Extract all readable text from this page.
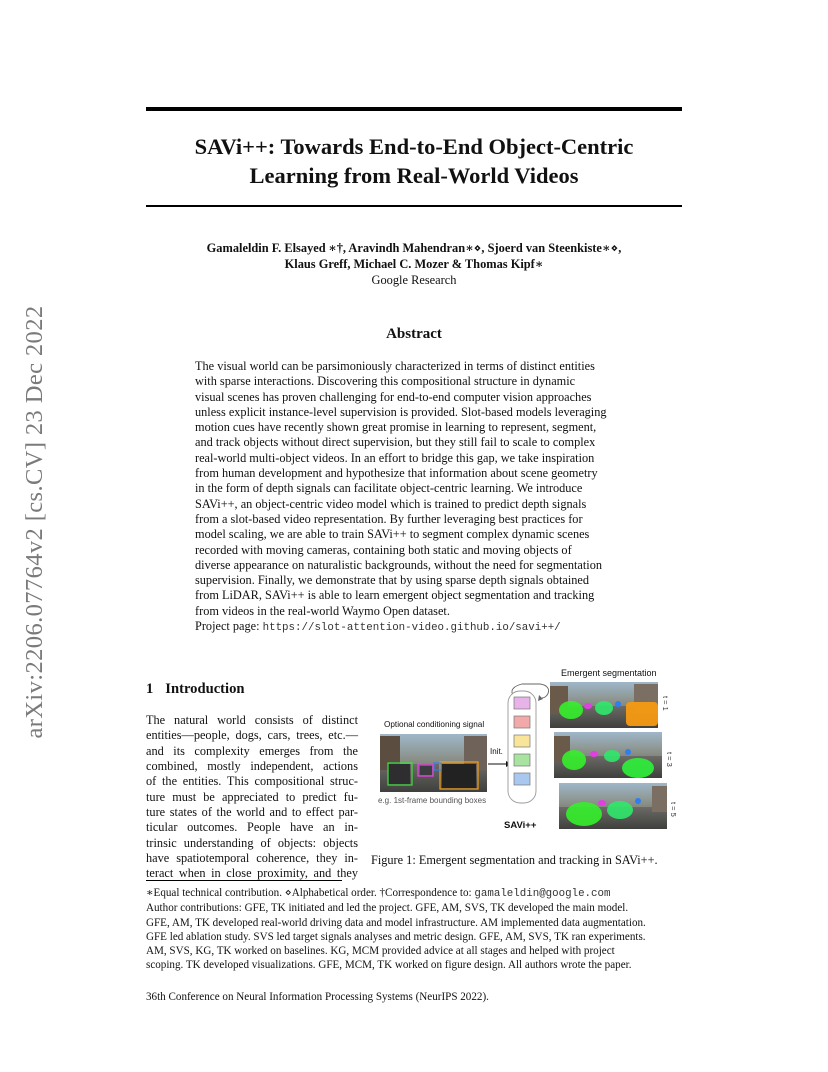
arXiv:2206.07764v2 [cs.CV] 23 Dec 2022
SAVi++: Towards End-to-End Object-Centric
Learning from Real-World Videos
Gamaleldin F. Elsayed ∗†, Aravindh Mahendran∗⋄, Sjoerd van Steenkiste∗⋄,
Klaus Greff, Michael C. Mozer & Thomas Kipf∗
Google Research
Abstract
The visual world can be parsimoniously characterized in terms of distinct entities
with sparse interactions. Discovering this compositional structure in dynamic
visual scenes has proven challenging for end-to-end computer vision approaches
unless explicit instance-level supervision is provided. Slot-based models leveraging
motion cues have recently shown great promise in learning to represent, segment,
and track objects without direct supervision, but they still fail to scale to complex
real-world multi-object videos. In an effort to bridge this gap, we take inspiration
from human development and hypothesize that information about scene geometry
in the form of depth signals can facilitate object-centric learning. We introduce
SAVi++, an object-centric video model which is trained to predict depth signals
from a slot-based video representation. By further leveraging best practices for
model scaling, we are able to train SAVi++ to segment complex dynamic scenes
recorded with moving cameras, containing both static and moving objects of
diverse appearance on naturalistic backgrounds, without the need for segmentation
supervision. Finally, we demonstrate that by using sparse depth signals obtained
from LiDAR, SAVi++ is able to learn emergent object segmentation and tracking
from videos in the real-world Waymo Open dataset.
Project page: https://slot-attention-video.github.io/savi++/
1 Introduction
The natural world consists of distinct
entities—people, dogs, cars, trees, etc.—
and its complexity emerges from the
combined, mostly independent, actions
of the entities. This compositional struc-
ture must be appreciated to predict fu-
ture states of the world and to effect par-
ticular outcomes. People have an in-
trinsic understanding of objects: objects
have spatiotemporal coherence, they in-
teract when in close proximity, and they
Emergent segmentation
t = 1
t = 3
t = 5
Optional conditioning signal
e.g. 1st-frame bounding boxes
Init.
SAVi++
Figure 1: Emergent segmentation and tracking in SAVi++.
∗Equal technical contribution. ⋄Alphabetical order. †Correspondence to: gamaleldin@google.com
Author contributions: GFE, TK initiated and led the project. GFE, AM, SVS, TK developed the main model.
GFE, AM, TK developed real-world driving data and model infrastructure. AM implemented data augmentation.
GFE led ablation study. SVS led target signals analyses and metric design. GFE, AM, SVS, TK ran experiments.
AM, SVS, KG, TK worked on baselines. KG, MCM provided advice at all stages and helped with project
scoping. TK developed visualizations. GFE, MCM, TK worked on figure design. All authors wrote the paper.
36th Conference on Neural Information Processing Systems (NeurIPS 2022).
